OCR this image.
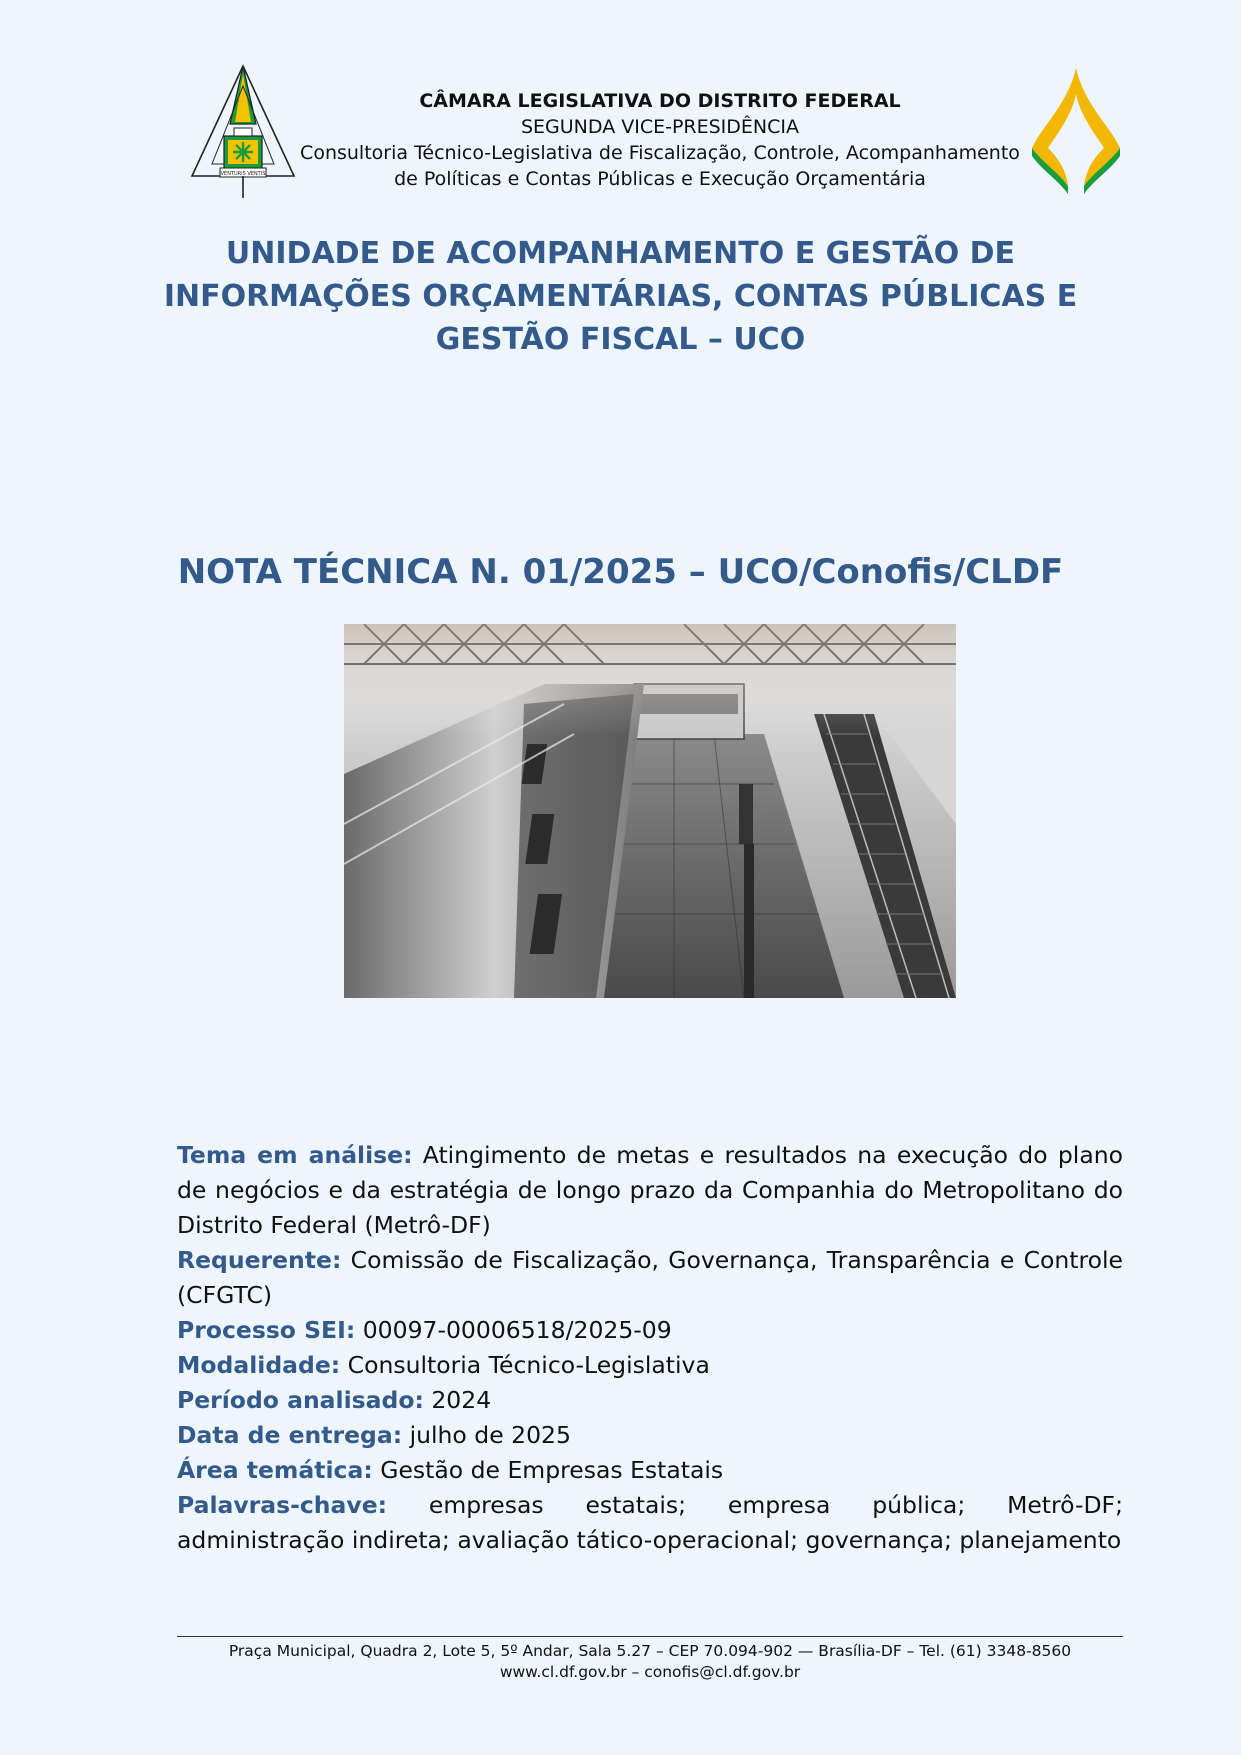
VENTURIS VENTIS
CÂMARA LEGISLATIVA DO DISTRITO FEDERAL
SEGUNDA VICE-PRESIDÊNCIA
Consultoria Técnico-Legislativa de Fiscalização, Controle, Acompanhamento
de Políticas e Contas Públicas e Execução Orçamentária
UNIDADE DE ACOMPANHAMENTO E GESTÃO DE
INFORMAÇÕES ORÇAMENTÁRIAS, CONTAS PÚBLICAS E
GESTÃO FISCAL – UCO
NOTA TÉCNICA N. 01/2025 – UCO/Conofis/CLDF

Tema em análise: Atingimento de metas e resultados na execução do plano de negócios e da estratégia de longo prazo da Companhia do Metropolitano do Distrito Federal (Metrô-DF)

Requerente: Comissão de Fiscalização, Governança, Transparência e Controle (CFGTC)

Processo SEI: 00097-00006518/2025-09

Modalidade: Consultoria Técnico-Legislativa

Período analisado: 2024

Data de entrega: julho de 2025

Área temática: Gestão de Empresas Estatais

Palavras-chave: empresas estatais; empresa pública; Metrô-DF; administração indireta; avaliação tático-operacional; governança; planejamento

Praça Municipal, Quadra 2, Lote 5, 5º Andar, Sala 5.27 – CEP 70.094-902 — Brasília-DF – Tel. (61) 3348-8560
www.cl.df.gov.br – conofis@cl.df.gov.br
